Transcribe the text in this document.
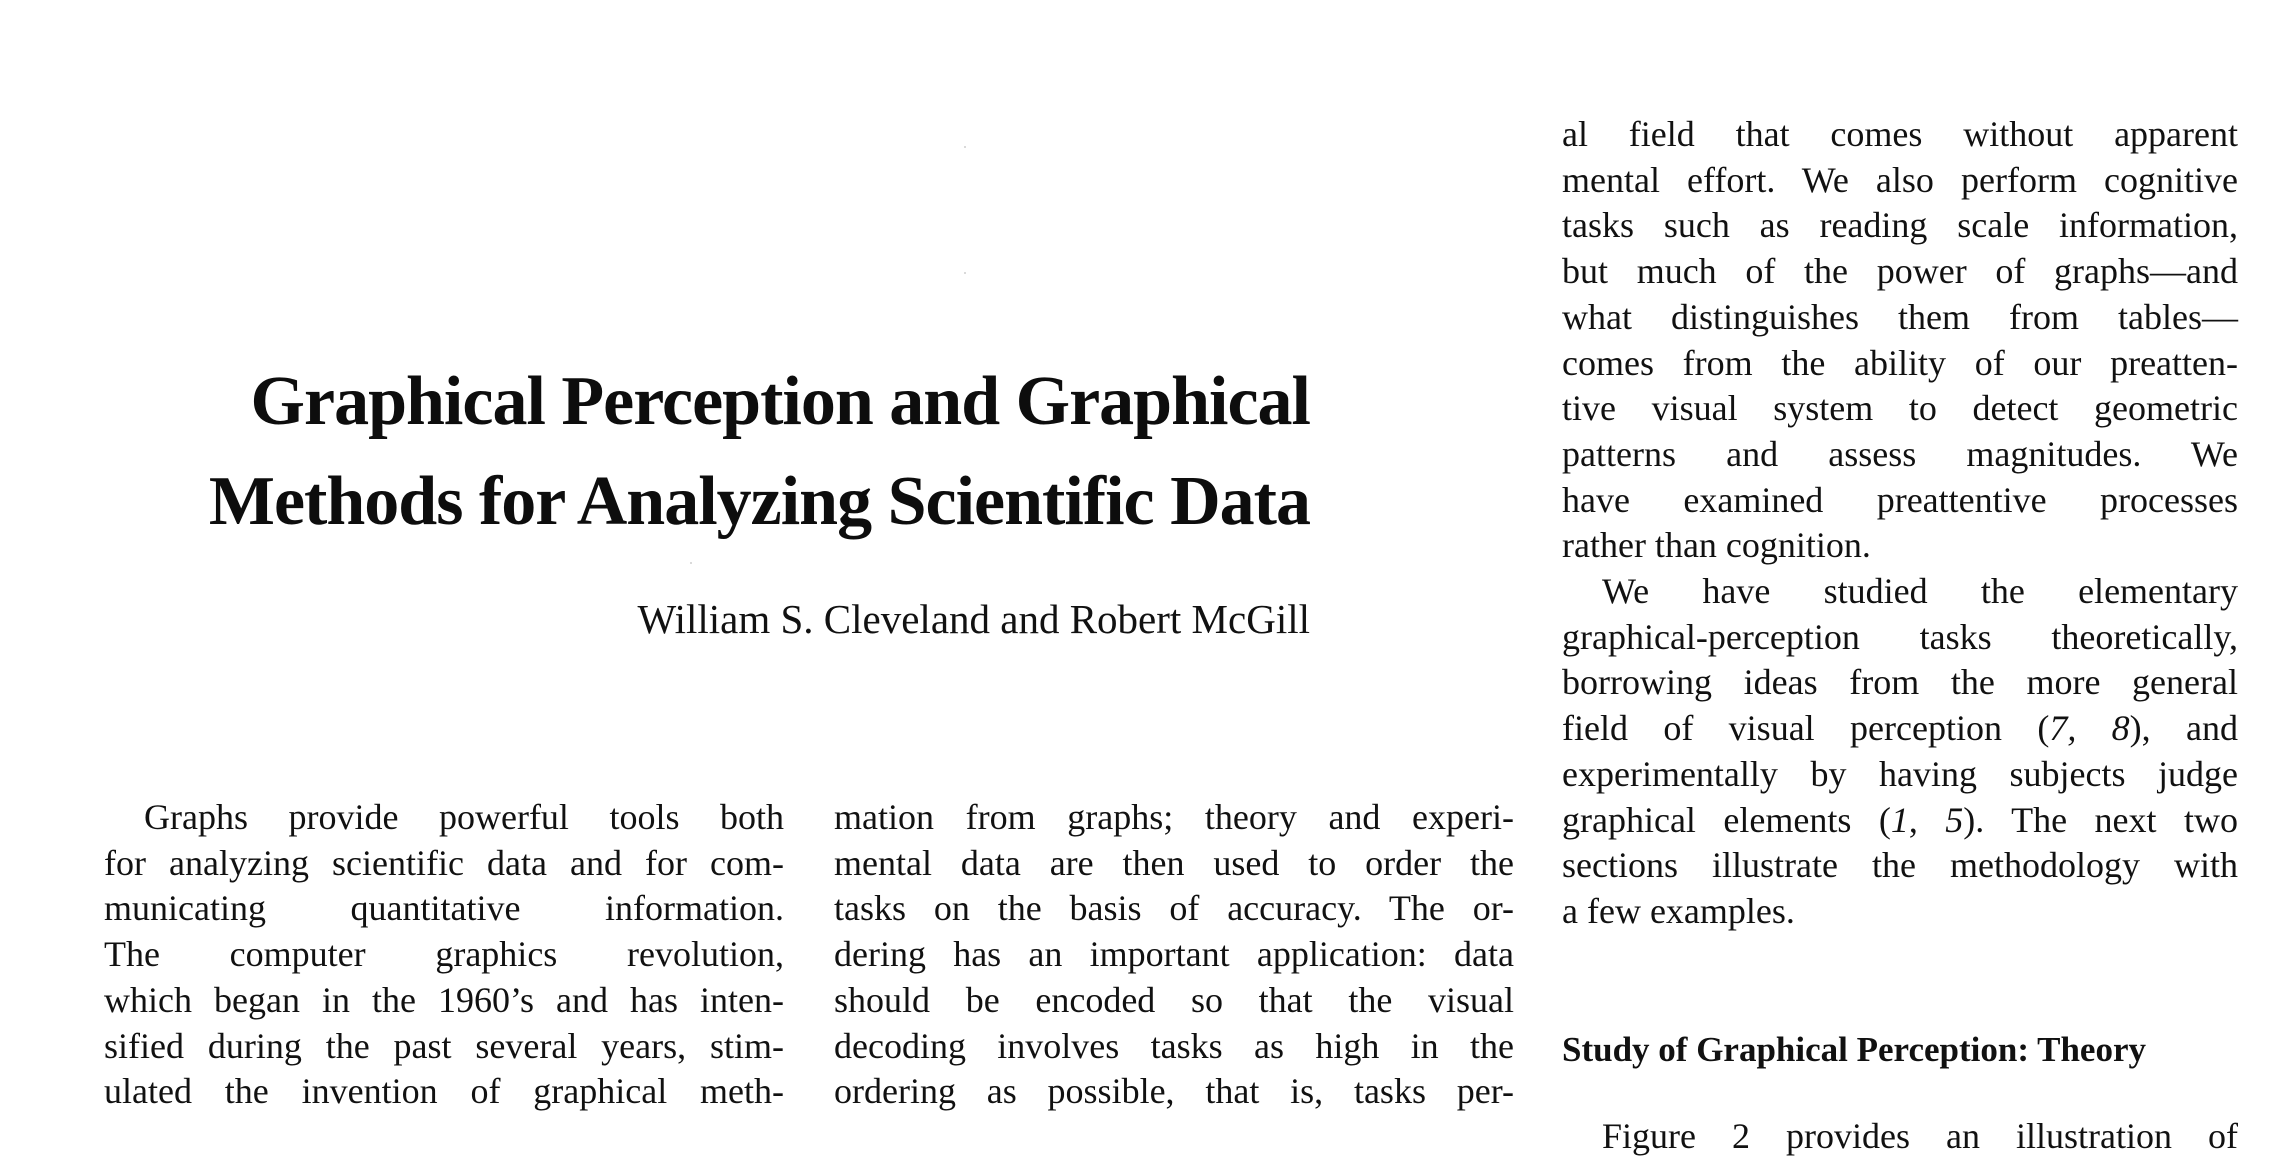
Graphical Perception and Graphical
Methods for Analyzing Scientific Data
William S. Cleveland and Robert McGill
Graphs provide powerful tools both
for analyzing scientific data and for com-
municating quantitative information.
The computer graphics revolution,
which began in the 1960’s and has inten-
sified during the past several years, stim-
ulated the invention of graphical meth-
mation from graphs; theory and experi-
mental data are then used to order the
tasks on the basis of accuracy. The or-
dering has an important application: data
should be encoded so that the visual
decoding involves tasks as high in the
ordering as possible, that is, tasks per-
al field that comes without apparent
mental effort. We also perform cognitive
tasks such as reading scale information,
but much of the power of graphs—and
what distinguishes them from tables—
comes from the ability of our preatten-
tive visual system to detect geometric
patterns and assess magnitudes. We
have examined preattentive processes
rather than cognition.
We have studied the elementary
graphical-perception tasks theoretically,
borrowing ideas from the more general
field of visual perception (7, 8), and
experimentally by having subjects judge
graphical elements (1, 5). The next two
sections illustrate the methodology with
a few examples.
Study of Graphical Perception: Theory
Figure 2 provides an illustration of
